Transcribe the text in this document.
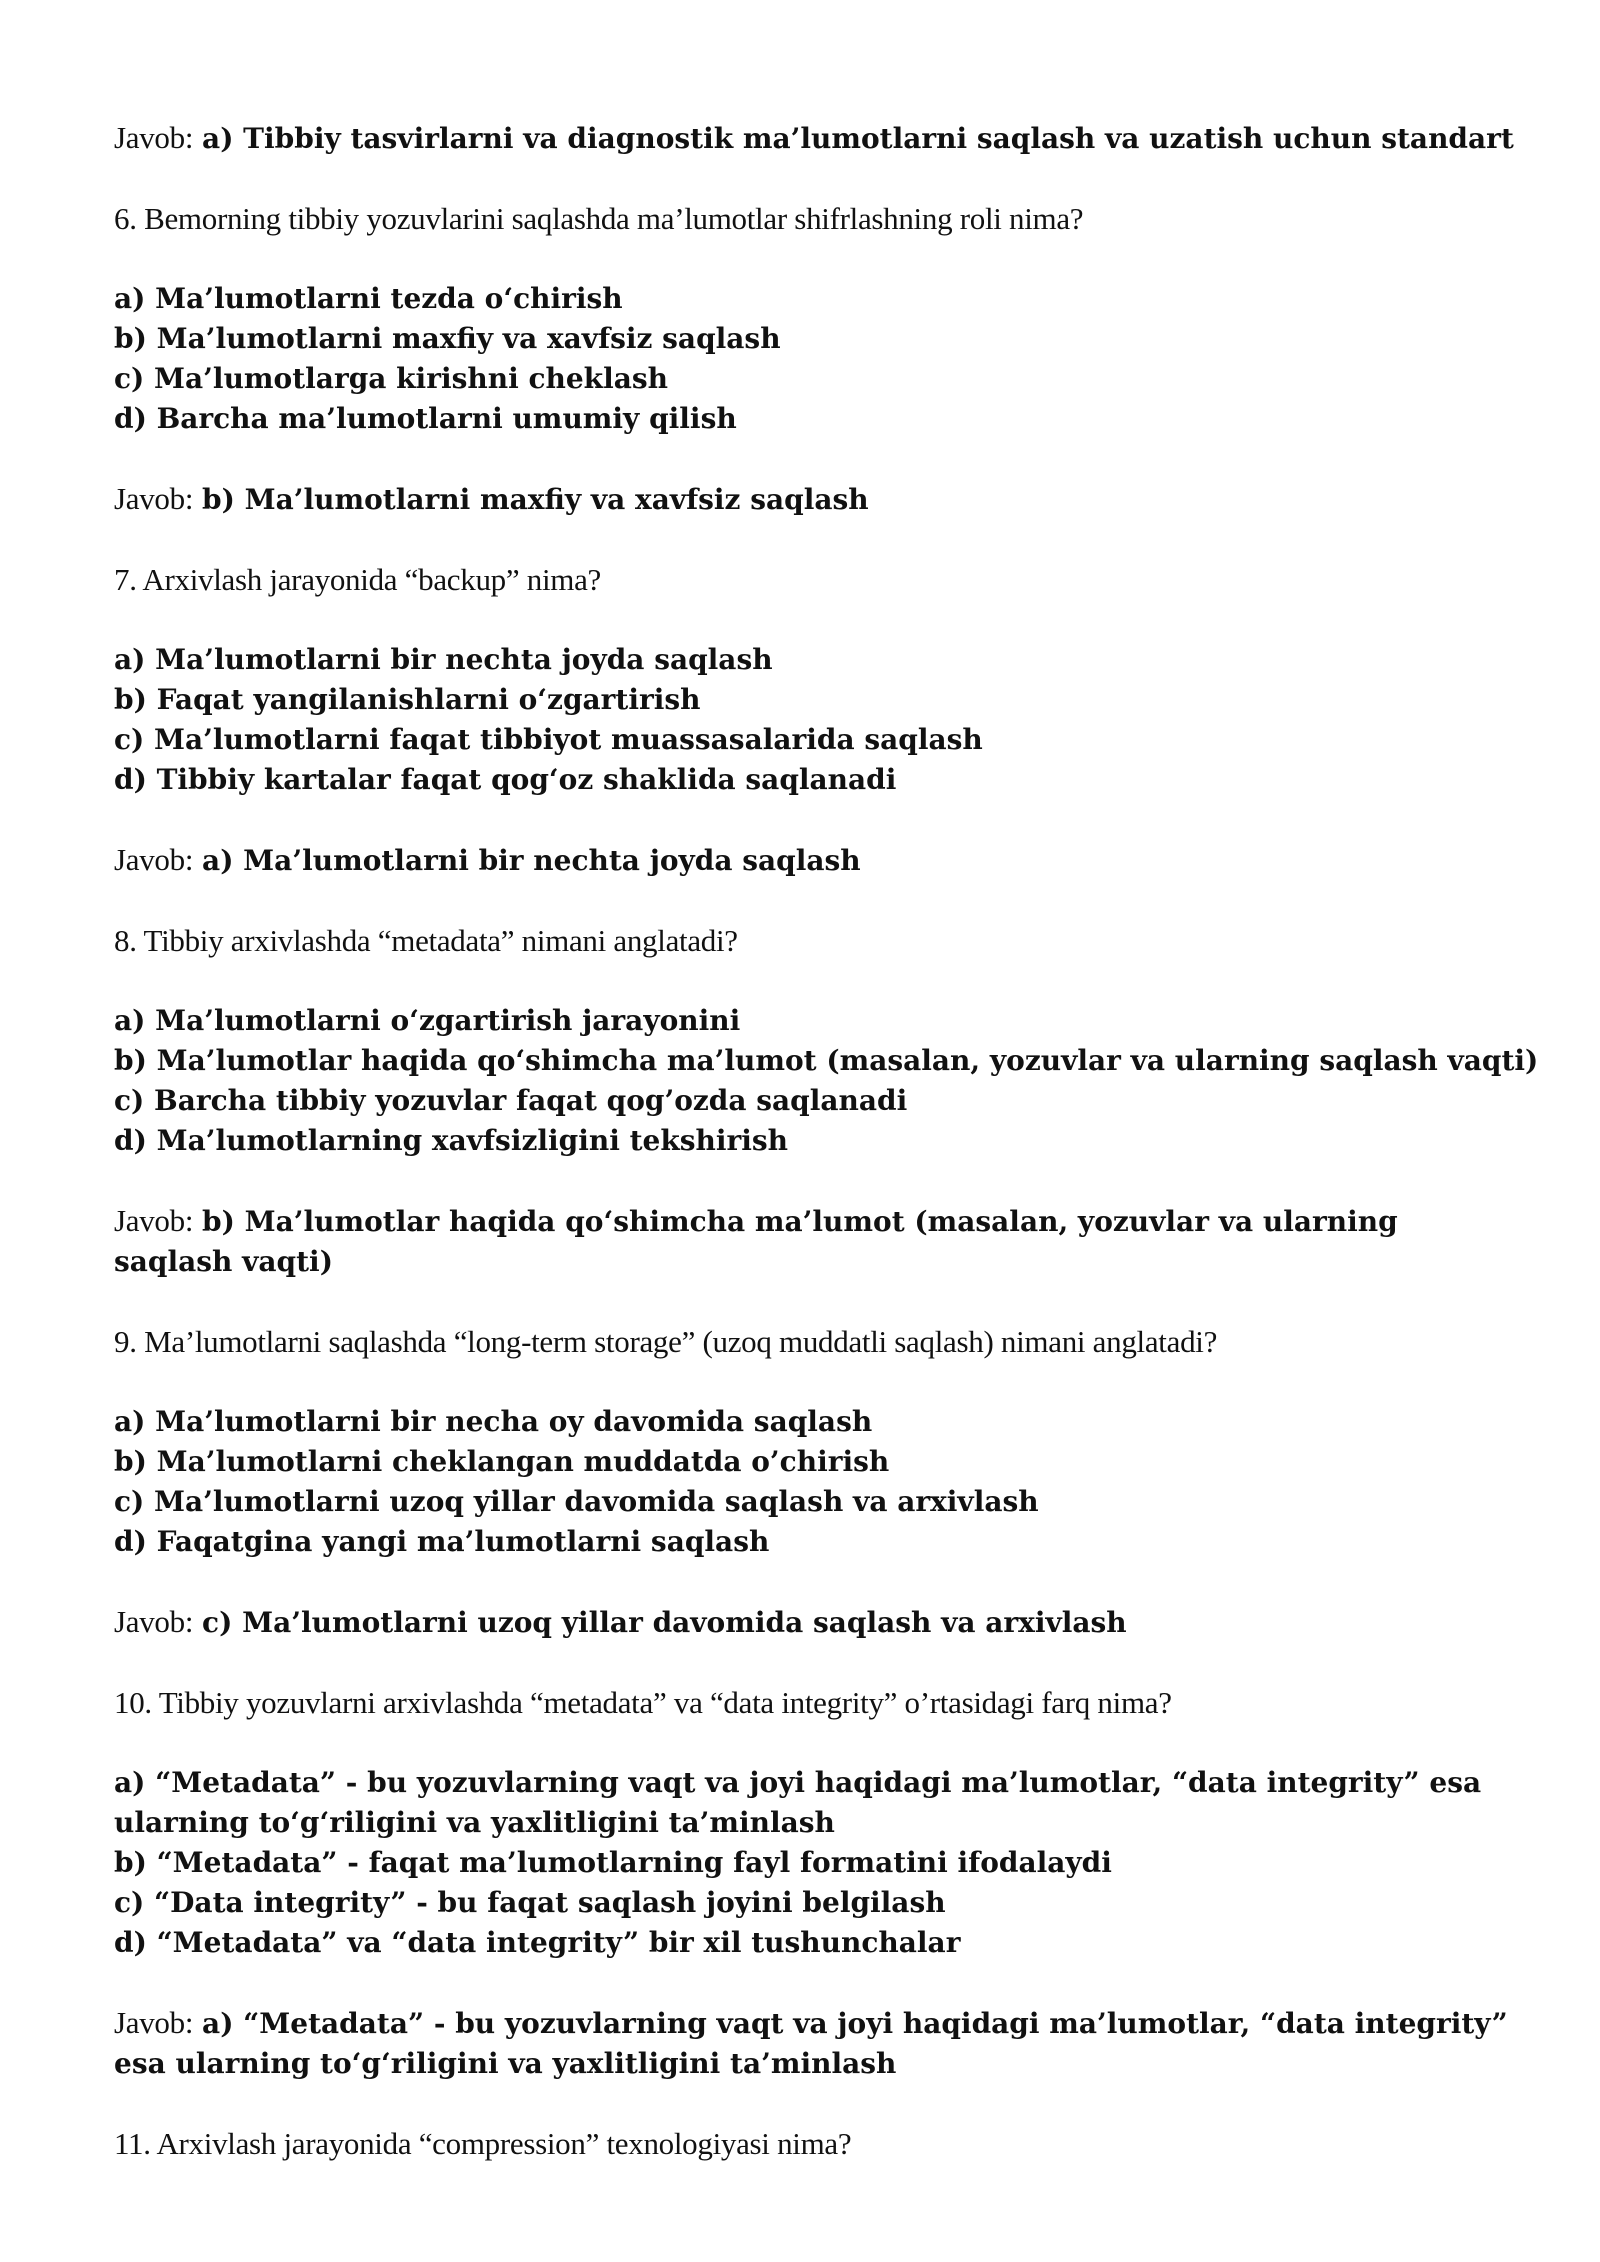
Javob: a) Tibbiy tasvirlarni va diagnostik ma’lumotlarni saqlash va uzatish uchun standart
6. Bemorning tibbiy yozuvlarini saqlashda ma’lumotlar shifrlashning roli nima?
a) Ma’lumotlarni tezda o‘chirish
b) Ma’lumotlarni maxfiy va xavfsiz saqlash
c) Ma’lumotlarga kirishni cheklash
d) Barcha ma’lumotlarni umumiy qilish
Javob: b) Ma’lumotlarni maxfiy va xavfsiz saqlash
7. Arxivlash jarayonida “backup” nima?
a) Ma’lumotlarni bir nechta joyda saqlash
b) Faqat yangilanishlarni o‘zgartirish
c) Ma’lumotlarni faqat tibbiyot muassasalarida saqlash
d) Tibbiy kartalar faqat qog‘oz shaklida saqlanadi
Javob: a) Ma’lumotlarni bir nechta joyda saqlash
8. Tibbiy arxivlashda “metadata” nimani anglatadi?
a) Ma’lumotlarni o‘zgartirish jarayonini
b) Ma’lumotlar haqida qo‘shimcha ma’lumot (masalan, yozuvlar va ularning saqlash vaqti)
c) Barcha tibbiy yozuvlar faqat qog’ozda saqlanadi
d) Ma’lumotlarning xavfsizligini tekshirish
Javob: b) Ma’lumotlar haqida qo‘shimcha ma’lumot (masalan, yozuvlar va ularning saqlash vaqti)
9. Ma’lumotlarni saqlashda “long-term storage” (uzoq muddatli saqlash) nimani anglatadi?
a) Ma’lumotlarni bir necha oy davomida saqlash
b) Ma’lumotlarni cheklangan muddatda o’chirish
c) Ma’lumotlarni uzoq yillar davomida saqlash va arxivlash
d) Faqatgina yangi ma’lumotlarni saqlash
Javob: c) Ma’lumotlarni uzoq yillar davomida saqlash va arxivlash
10. Tibbiy yozuvlarni arxivlashda “metadata” va “data integrity” o’rtasidagi farq nima?
a) “Metadata” - bu yozuvlarning vaqt va joyi haqidagi ma’lumotlar, “data integrity” esa ularning to‘g‘riligini va yaxlitligini ta’minlash
b) “Metadata” - faqat ma’lumotlarning fayl formatini ifodalaydi
c) “Data integrity” - bu faqat saqlash joyini belgilash
d) “Metadata” va “data integrity” bir xil tushunchalar
Javob: a) “Metadata” - bu yozuvlarning vaqt va joyi haqidagi ma’lumotlar, “data integrity” esa ularning to‘g‘riligini va yaxlitligini ta’minlash
11. Arxivlash jarayonida “compression” texnologiyasi nima?
